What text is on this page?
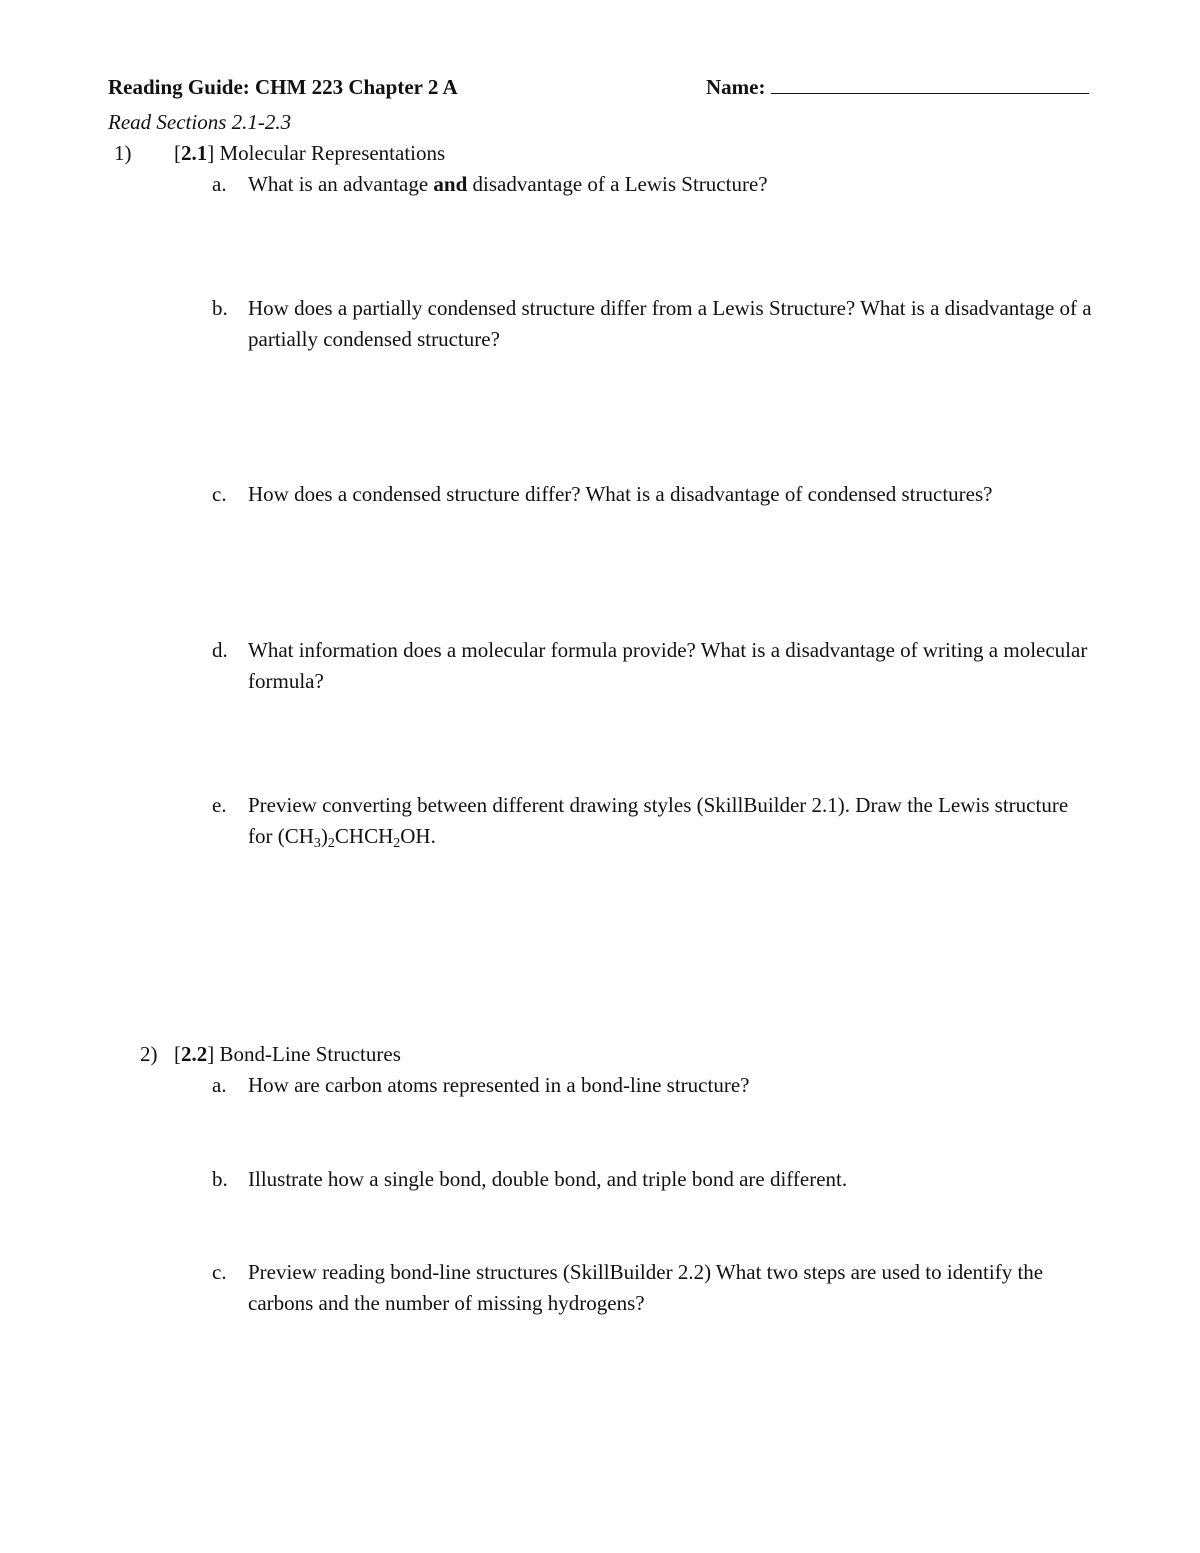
Reading Guide: CHM 223 Chapter 2 A	Name:
Read Sections 2.1-2.3
1) [2.1] Molecular Representations
a.	What is an advantage and disadvantage of a Lewis Structure?
b. How does a partially condensed structure differ from a Lewis Structure? What is a disadvantage of a partially condensed structure?
c.	How does a condensed structure differ? What is a disadvantage of condensed structures?
d. What information does a molecular formula provide? What is a disadvantage of writing a molecular formula?
e.	Preview converting between different drawing styles (SkillBuilder 2.1). Draw the Lewis structure for $(CH_3)_2CHCH_2OH$.
2) [2.2] Bond-Line Structures
a.	How are carbon atoms represented in a bond-line structure?
b. Illustrate how a single bond, double bond, and triple bond are different.
c.	Preview reading bond-line structures (SkillBuilder 2.2) What two steps are used to identify the carbons and the number of missing hydrogens?
